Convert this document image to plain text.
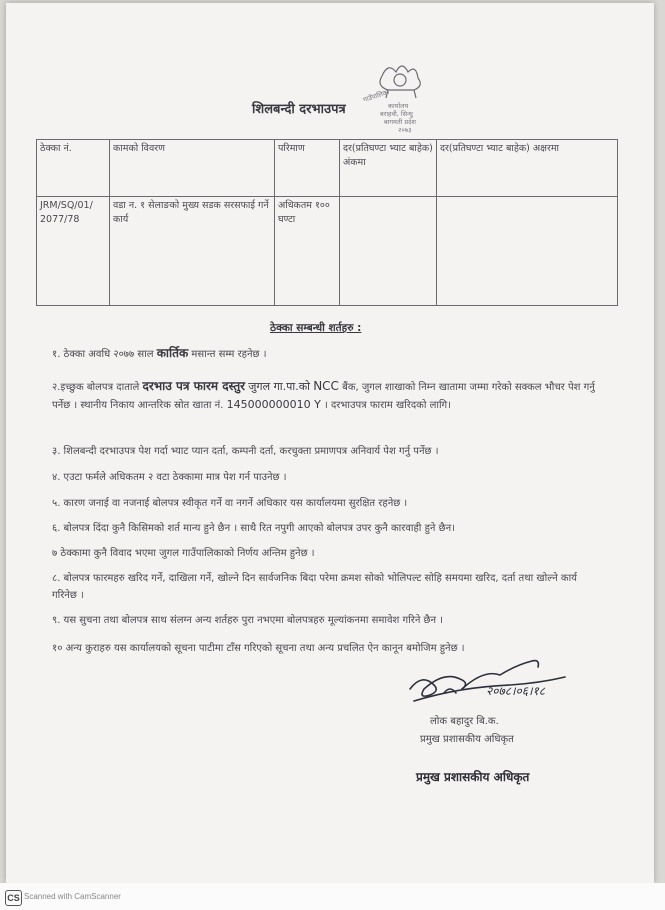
गाउँपालिका
कार्यालय
बराहवी, सिन्धु
बागमती प्रदेश
२०७३
शिलबन्दी दरभाउपत्र
ठेक्का नं.	कामको विवरण	परिमाण	दर(प्रतिघण्टा भ्याट बाहेक) अंकमा	दर(प्रतिघण्टा भ्याट बाहेक) अक्षरमा
JRM/SQ/01/ 2077/78	वडा न. १ सेलाङको मुख्य सडक सरसफाई गर्ने कार्य	अधिकतम १०० घण्टा		
ठेक्का सम्बन्धी शर्तहरु :
१. ठेक्का अवधि २०७७ साल कार्तिक मसान्त सम्म रहनेछ ।
२.इच्छुक बोलपत्र दाताले दरभाउ पत्र फारम दस्तुर जुगल गा.पा.को NCC बैंक, जुगल शाखाको निम्न खातामा जम्मा गरेको सक्कल भौचर पेश गर्नु पर्नेछ । स्थानीय निकाय आन्तरिक स्रोत खाता नं. 145000000010 Y । दरभाउपत्र फाराम खरिदको लागि।
३. शिलबन्दी दरभाउपत्र पेश गर्दा भ्याट प्यान दर्ता, कम्पनी दर्ता, करचुक्ता प्रमाणपत्र अनिवार्य पेश गर्नु पर्नेछ ।
४. एउटा फर्मले अधिकतम २ वटा ठेक्कामा मात्र पेश गर्न पाउनेछ ।
५. कारण जनाई वा नजनाई बोलपत्र स्वीकृत गर्ने वा नगर्ने अधिकार यस कार्यालयमा सुरक्षित रहनेछ ।
६. बोलपत्र दिंदा कुनै किसिमको शर्त मान्य हुने छैन । साथै रित नपुगी आएको बोलपत्र उपर कुनै कारवाही हुने छैन।
७ ठेक्कामा कुनै विवाद भएमा जुगल गाउँपालिकाको निर्णय अन्तिम हुनेछ ।
८. बोलपत्र फारमहरु खरिद गर्ने, दाखिला गर्ने, खोल्ने दिन सार्वजनिक बिदा परेमा क्रमश सोको भोलिपल्ट सोहि समयमा खरिद, दर्ता तथा खोल्ने कार्य गरिनेछ ।
९. यस सुचना तथा बोलपत्र साथ संलग्न अन्य शर्तहरु पुरा नभएमा बोलपत्रहरु मूल्यांकनमा समावेश गरिने छैन ।
१० अन्य कुराहरु यस कार्यालयको सूचना पाटीमा टाँस गरिएको सूचना तथा अन्य प्रचलित ऐन कानून बमोजिम हुनेछ ।
२०७८।०६।१८
लोक बहादुर बि.क.
प्रमुख प्रशासकीय अधिकृत
प्रमुख प्रशासकीय अधिकृत
CS Scanned with CamScanner
